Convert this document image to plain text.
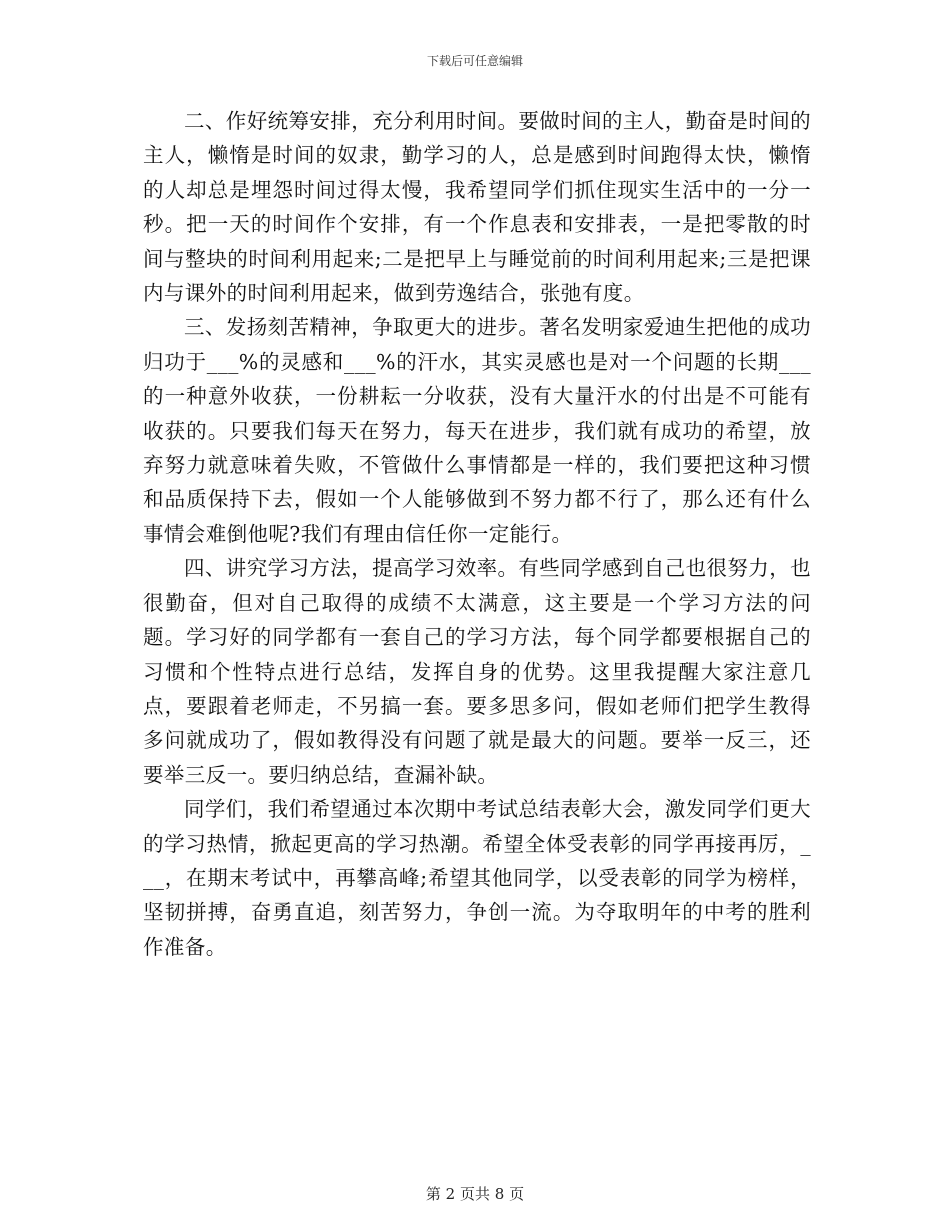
下载后可任意编辑

二、作好统筹安排，充分利用时间。要做时间的主人，勤奋是时间的主人，懒惰是时间的奴隶，勤学习的人，总是感到时间跑得太快，懒惰的人却总是埋怨时间过得太慢，我希望同学们抓住现实生活中的一分一秒。把一天的时间作个安排，有一个作息表和安排表，一是把零散的时间与整块的时间利用起来;二是把早上与睡觉前的时间利用起来;三是把课内与课外的时间利用起来，做到劳逸结合，张弛有度。

三、发扬刻苦精神，争取更大的进步。著名发明家爱迪生把他的成功归功于___%的灵感和___%的汗水，其实灵感也是对一个问题的长期___的一种意外收获，一份耕耘一分收获，没有大量汗水的付出是不可能有收获的。只要我们每天在努力，每天在进步，我们就有成功的希望，放弃努力就意味着失败，不管做什么事情都是一样的，我们要把这种习惯和品质保持下去，假如一个人能够做到不努力都不行了，那么还有什么事情会难倒他呢?我们有理由信任你一定能行。

四、讲究学习方法，提高学习效率。有些同学感到自己也很努力，也很勤奋，但对自己取得的成绩不太满意，这主要是一个学习方法的问题。学习好的同学都有一套自己的学习方法，每个同学都要根据自己的习惯和个性特点进行总结，发挥自身的优势。这里我提醒大家注意几点，要跟着老师走，不另搞一套。要多思多问，假如老师们把学生教得多问就成功了，假如教得没有问题了就是最大的问题。要举一反三，还要举三反一。要归纳总结，查漏补缺。

同学们，我们希望通过本次期中考试总结表彰大会，激发同学们更大的学习热情，掀起更高的学习热潮。希望全体受表彰的同学再接再厉，___，在期末考试中，再攀高峰;希望其他同学，以受表彰的同学为榜样，坚韧拼搏，奋勇直追，刻苦努力，争创一流。为夺取明年的中考的胜利作准备。

第 2 页共 8 页
